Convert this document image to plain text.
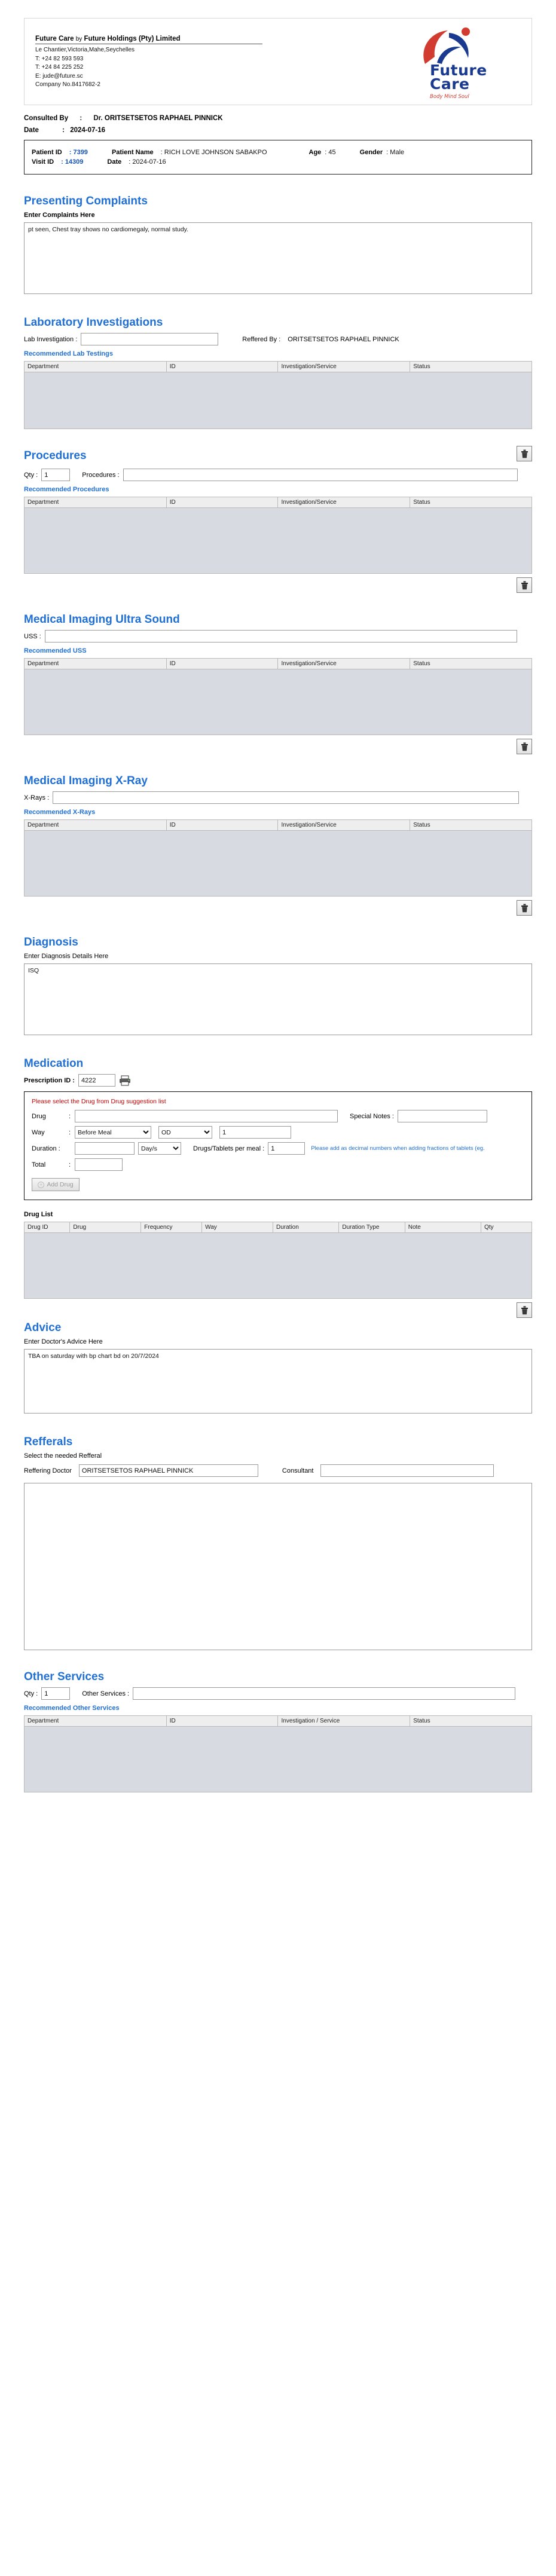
Future Care by Future Holdings (Pty) Limited
Le Chantier,Victoria,Mahe,Seychelles
T: +24 82 593 593
T: +24 84 225 252
E: jude@future.sc
Company No.8417682-2
Future
Care
Body Mind Soul
Consulted By : Dr. ORITSETSETOS RAPHAEL PINNICK
Date	: 2024-07-16
Patient ID : 7399	Patient Name : RICH LOVE JOHNSON SABAKPO	Age : 45	Gender : Male
Visit ID : 14309	Date : 2024-07-16
Presenting Complaints
Enter Complaints Here
pt seen, Chest tray shows no cardiomegaly, normal study.
Laboratory Investigations
Lab Investigation :	Reffered By : ORITSETSETOS RAPHAEL PINNICK
Recommended Lab Testings
Department	ID	Investigation/Service	Status
Procedures
Qty :
1	Procedures :
Recommended Procedures
Department	ID	Investigation/Service	Status
Medical Imaging Ultra Sound
USS :
Recommended USS
Department	ID	Investigation/Service	Status
Medical Imaging X-Ray
X-Rays :
Recommended X-Rays
Department	ID	Investigation/Service	Status
Diagnosis
Enter Diagnosis Details Here
ISQ
Medication
Prescription ID :
4222
Please select the Drug from Drug suggestion list
Drug	:	Special Notes :
Way	:
Before Meal
OD
1
Duration :
Day/s	Drugs/Tablets per meal :
1	Please add as decimal numbers when adding fractions of tablets (eg.
Total	:
+ Add Drug
Drug List
Drug ID	Drug	Frequency	Way	Duration	Duration Type	Note	Qty
Advice
Enter Doctor's Advice Here
TBA on saturday with bp chart bd on 20/7/2024
Refferals
Select the needed Refferal
Reffering Doctor
ORITSETSETOS RAPHAEL PINNICK	Consultant
Other Services
Qty :
1	Other Services :
Recommended Other Services
Department	ID	Investigation / Service	Status
